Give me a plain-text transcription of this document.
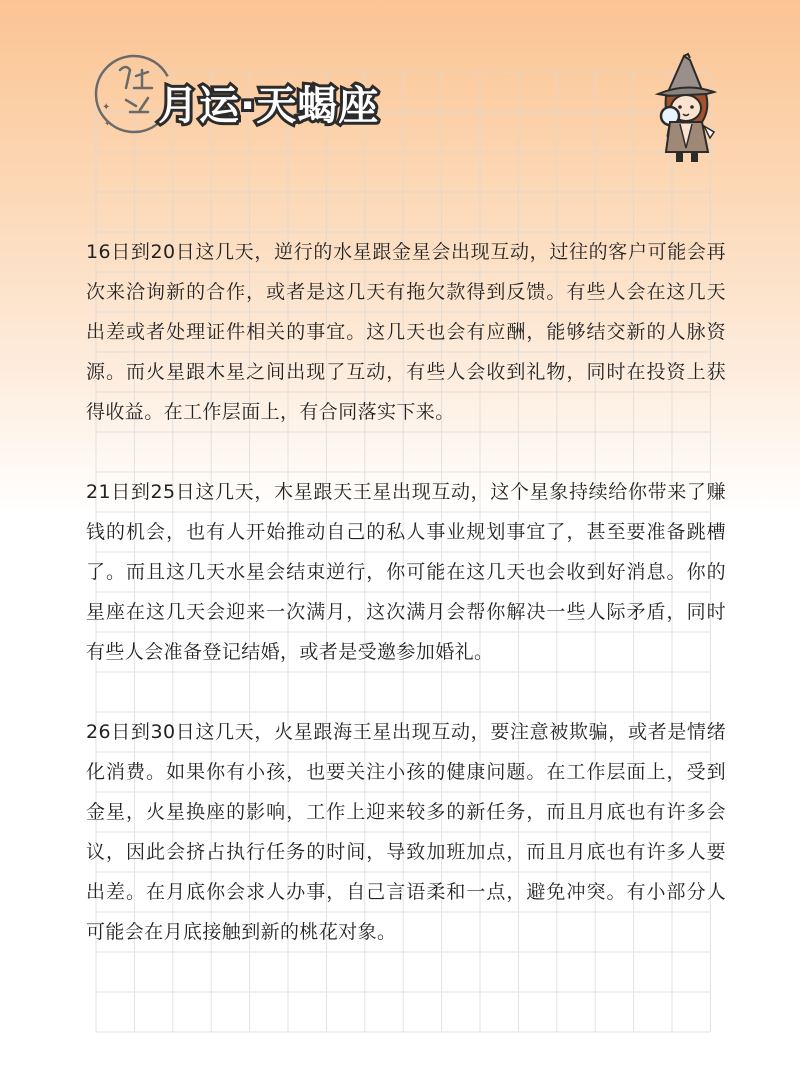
✦
✦ 月运·天蝎座

16日到20日这几天，逆行的水星跟金星会出现互动，过往的客户可能会再次来洽询新的合作，或者是这几天有拖欠款得到反馈。有些人会在这几天出差或者处理证件相关的事宜。这几天也会有应酬，能够结交新的人脉资源。而火星跟木星之间出现了互动，有些人会收到礼物，同时在投资上获得收益。在工作层面上，有合同落实下来。

21日到25日这几天，木星跟天王星出现互动，这个星象持续给你带来了赚钱的机会，也有人开始推动自己的私人事业规划事宜了，甚至要准备跳槽了。而且这几天水星会结束逆行，你可能在这几天也会收到好消息。你的星座在这几天会迎来一次满月，这次满月会帮你解决一些人际矛盾，同时有些人会准备登记结婚，或者是受邀参加婚礼。

26日到30日这几天，火星跟海王星出现互动，要注意被欺骗，或者是情绪化消费。如果你有小孩，也要关注小孩的健康问题。在工作层面上，受到金星，火星换座的影响，工作上迎来较多的新任务，而且月底也有许多会议，因此会挤占执行任务的时间，导致加班加点，而且月底也有许多人要出差。在月底你会求人办事，自己言语柔和一点，避免冲突。有小部分人可能会在月底接触到新的桃花对象。
